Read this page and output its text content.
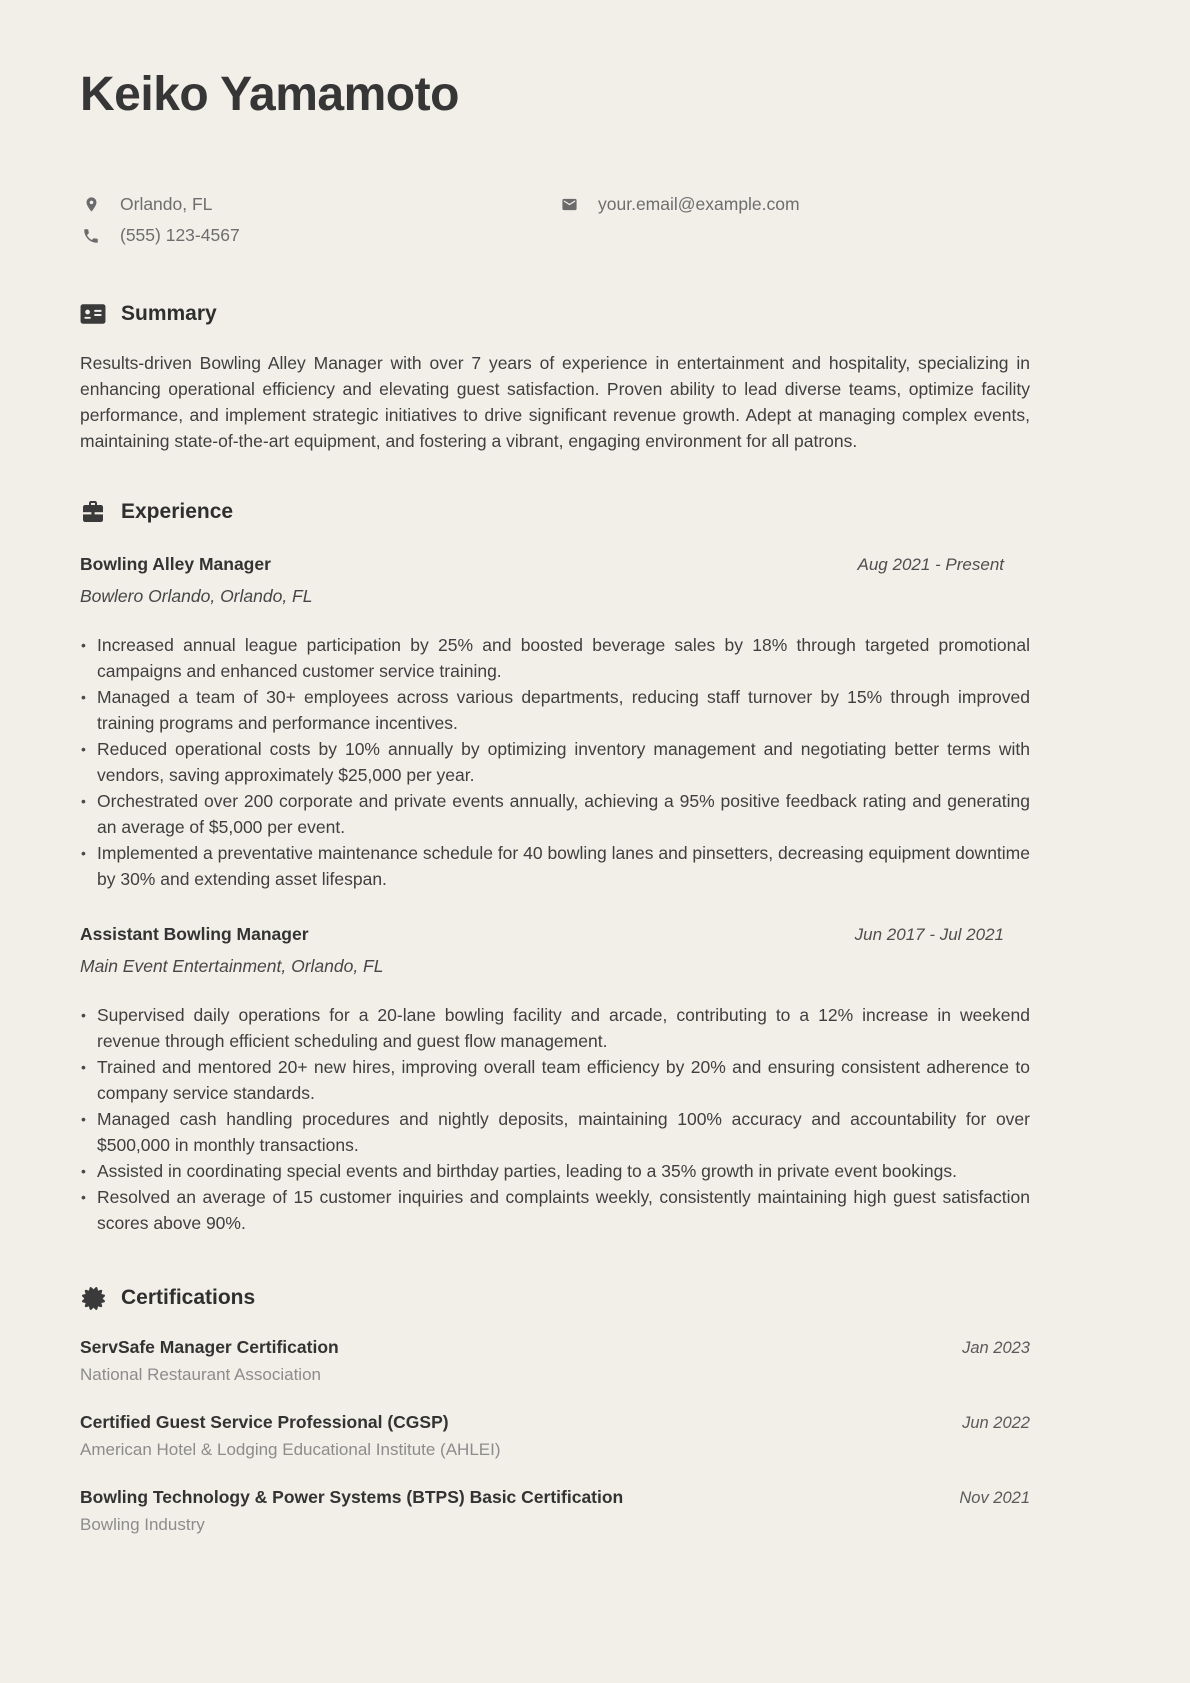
Keiko Yamamoto
Orlando, FL	your.email@example.com
(555) 123-4567
Summary

Results-driven Bowling Alley Manager with over 7 years of experience in entertainment and hospitality, specializing in enhancing operational efficiency and elevating guest satisfaction. Proven ability to lead diverse teams, optimize facility performance, and implement strategic initiatives to drive significant revenue growth. Adept at managing complex events, maintaining state-of-the-art equipment, and fostering a vibrant, engaging environment for all patrons.

Experience
Bowling Alley Manager	Aug 2021 - Present
Bowlero Orlando, Orlando, FL
• Increased annual league participation by 25% and boosted beverage sales by 18% through targeted promotional campaigns and enhanced customer service training.
• Managed a team of 30+ employees across various departments, reducing staff turnover by 15% through improved training programs and performance incentives.
• Reduced operational costs by 10% annually by optimizing inventory management and negotiating better terms with vendors, saving approximately $25,000 per year.
• Orchestrated over 200 corporate and private events annually, achieving a 95% positive feedback rating and generating an average of $5,000 per event.
• Implemented a preventative maintenance schedule for 40 bowling lanes and pinsetters, decreasing equipment downtime by 30% and extending asset lifespan.
Assistant Bowling Manager	Jun 2017 - Jul 2021
Main Event Entertainment, Orlando, FL
• Supervised daily operations for a 20-lane bowling facility and arcade, contributing to a 12% increase in weekend revenue through efficient scheduling and guest flow management.
• Trained and mentored 20+ new hires, improving overall team efficiency by 20% and ensuring consistent adherence to company service standards.
• Managed cash handling procedures and nightly deposits, maintaining 100% accuracy and accountability for over $500,000 in monthly transactions.
• Assisted in coordinating special events and birthday parties, leading to a 35% growth in private event bookings.
• Resolved an average of 15 customer inquiries and complaints weekly, consistently maintaining high guest satisfaction scores above 90%.
Certifications
ServSafe Manager Certification	Jan 2023
National Restaurant Association
Certified Guest Service Professional (CGSP)	Jun 2022
American Hotel & Lodging Educational Institute (AHLEI)
Bowling Technology & Power Systems (BTPS) Basic Certification	Nov 2021
Bowling Industry
